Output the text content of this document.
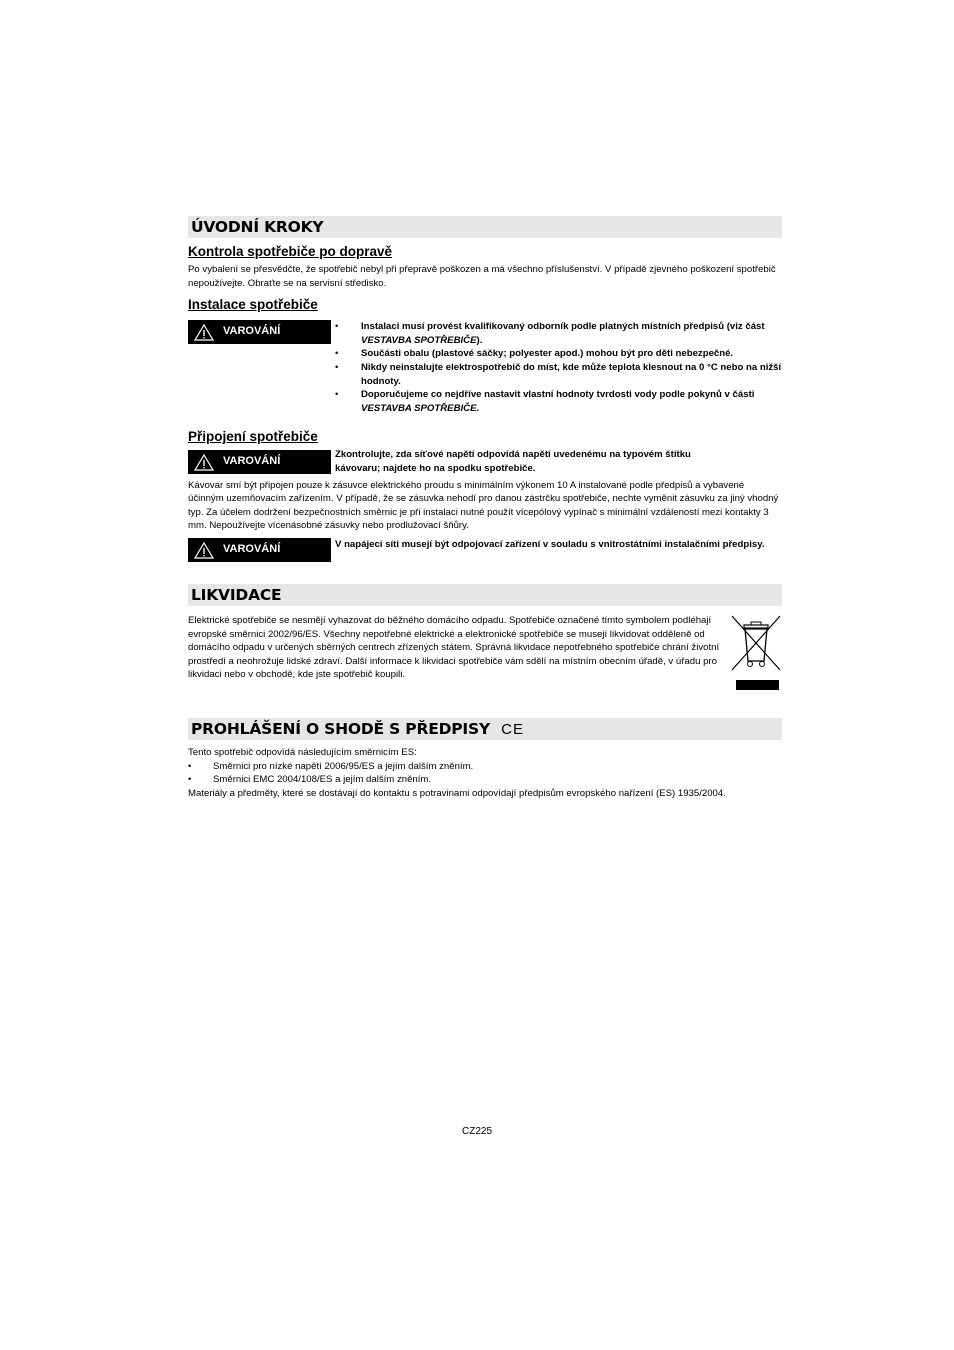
ÚVODNÍ KROKY
Kontrola spotřebiče po dopravě

Po vybalení se přesvědčte, že spotřebič nebyl při přepravě poškozen a má všechno příslušenství. V případě zjevného poškození spotřebič nepoužívejte. Obraťte se na servisní středisko.

Instalace spotřebiče
VAROVÁNÍ
•	Instalaci musí provést kvalifikovaný odborník podle platných místních předpisů (viz část VESTAVBA SPOTŘEBIČE).
• Součásti obalu (plastové sáčky; polyester apod.) mohou být pro děti nebezpečné.
• Nikdy neinstalujte elektrospotřebič do míst, kde může teplota klesnout na 0 °C nebo na nižší hodnoty.
• Doporučujeme co nejdříve nastavit vlastní hodnoty tvrdosti vody podle pokynů v části VESTAVBA SPOTŘEBIČE.
Připojení spotřebiče
VAROVÁNÍ
Zkontrolujte, zda síťové napětí odpovídá napětí uvedenému na typovém štítku kávovaru; najdete ho na spodku spotřebiče.

Kávovar smí být připojen pouze k zásuvce elektrického proudu s minimálním výkonem 10 A instalované podle předpisů a vybavené účinným uzemňovacím zařízením. V případě, že se zásuvka nehodí pro danou zástrčku spotřebiče, nechte vyměnit zásuvku za jiný vhodný typ. Za účelem dodržení bezpečnostních směrnic je při instalaci nutné použít vícepólový vypínač s minimální vzdáleností mezi kontakty 3 mm. Nepoužívejte vícenásobné zásuvky nebo prodlužovací šňůry.

VAROVÁNÍ	V napájecí síti musejí být odpojovací zařízení v souladu s vnitrostátními instalačními předpisy.
LIKVIDACE

Elektrické spotřebiče se nesmějí vyhazovat do běžného domácího odpadu. Spotřebiče označené tímto symbolem podléhají evropské směrnici 2002/96/ES. Všechny nepotřebné elektrické a elektronické spotřebiče se musejí likvidovat odděleně od domácího odpadu v určených sběrných centrech zřízených státem. Správná likvidace nepotřebného spotřebiče chrání životní prostředí a neohrožuje lidské zdraví. Další informace k likvidaci spotřebiče vám sdělí na místním obecním úřadě, v úřadu pro likvidaci nebo v obchodě, kde jste spotřebič koupili.

PROHLÁŠENÍ O SHODĚ S PŘEDPISY CE

Tento spotřebič odpovídá následujícím směrnicím ES:

• Směrnici pro nízké napětí 2006/95/ES a jejím dalším zněním.
• Směrnici EMC 2004/108/ES a jejím dalším zněním.

Materiály a předměty, které se dostávají do kontaktu s potravinami odpovídají předpisům evropského nařízení (ES) 1935/2004.

CZ225
